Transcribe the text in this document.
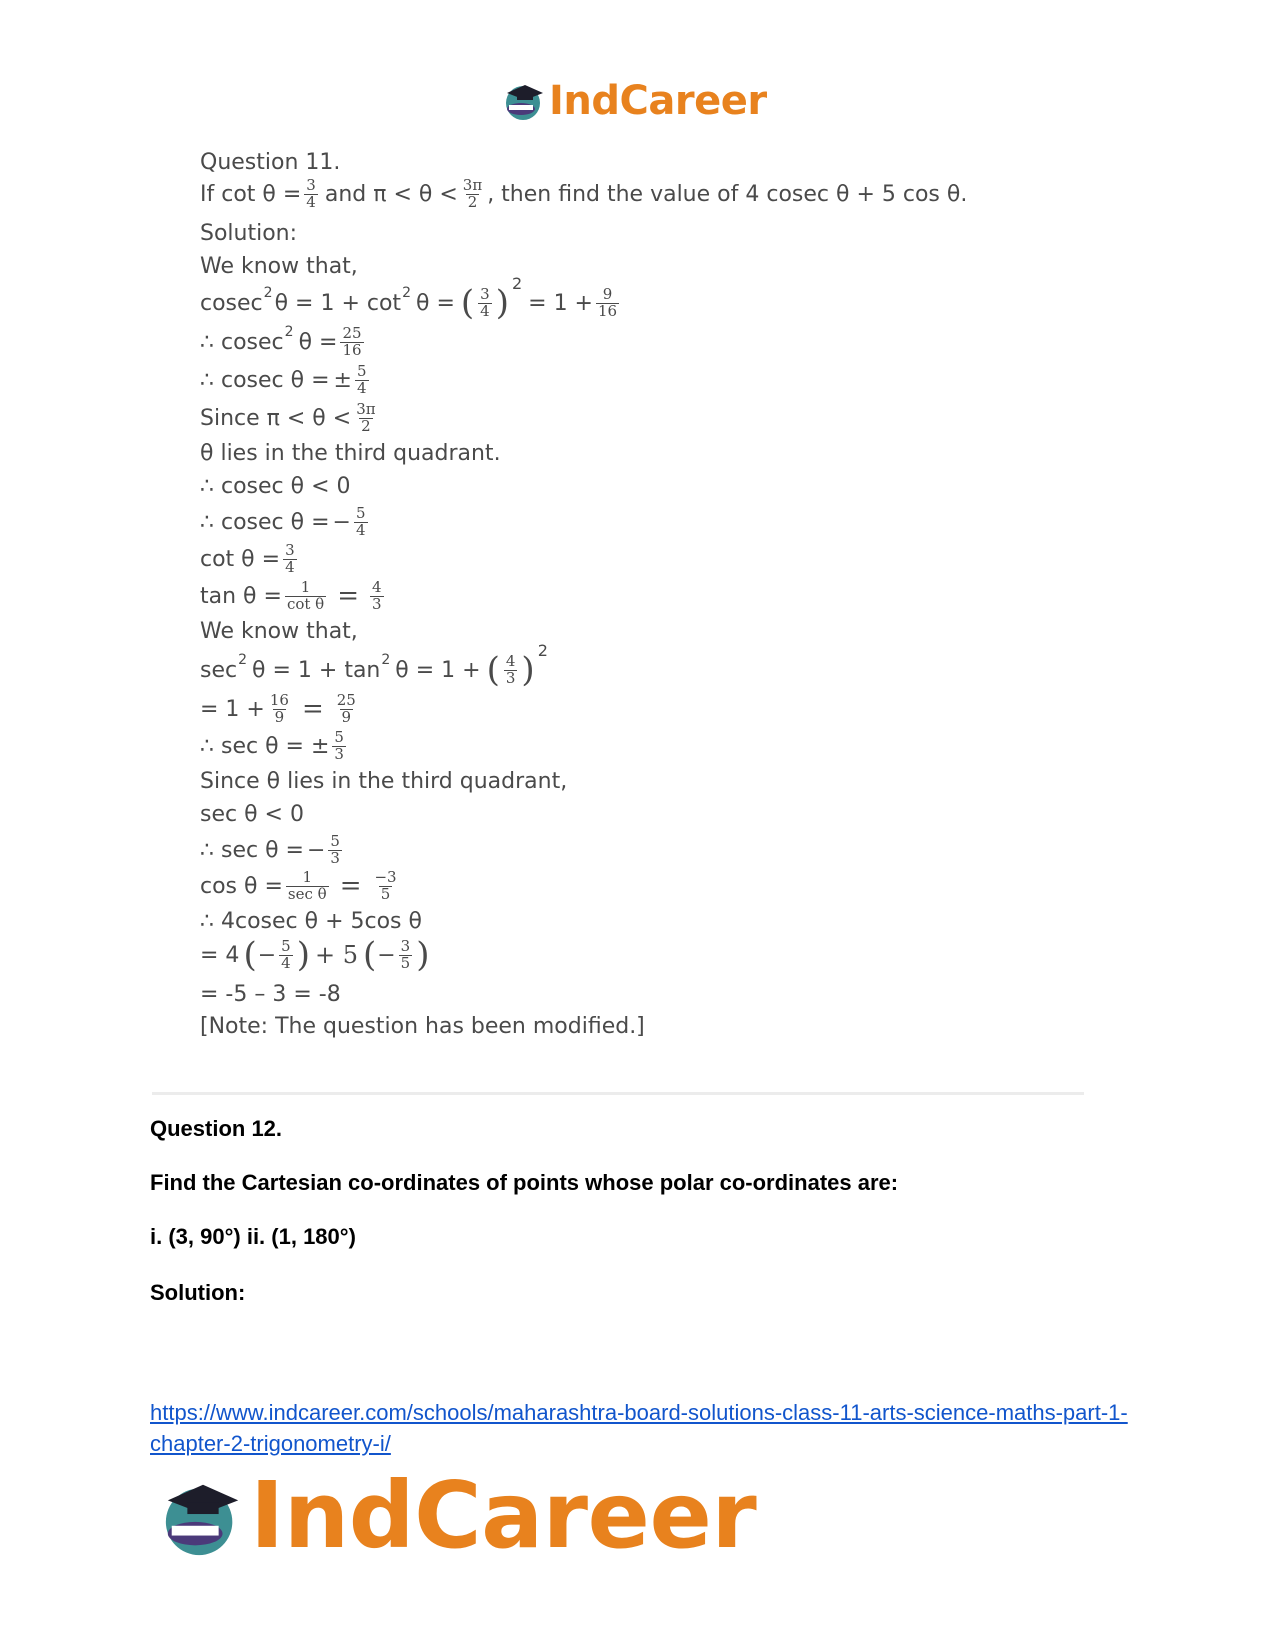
IndCareer
Question 11.
If $\cot \theta = \frac{3}{4}$ and $\pi < \theta < \frac{3\pi}{2}$ , then find the value of 4 cosec θ + 5 cos θ.
Solution:
We know that,
cosec 2 θ = 1 + cot 2 θ = ( $\frac{3}{4}$ ) 2
= $1 + \frac{9}{16}$
∴ cosec 2 $\theta = \frac{25}{16}$
∴ cosec θ = ± $\frac{5}{4}$
Since $\pi < \theta < \frac{3\pi}{2}$
θ lies in the third quadrant.
∴ cosec θ < 0
∴ cosec θ = − $\frac{5}{4}$
$\cot \theta = \frac{3}{4}$
$\tan \theta = \frac{1}{\text{cot θ}} = \frac{4}{3}$
We know that,
sec 2 θ = 1 + tan 2 θ = 1 + ( $\frac{4}{3}$ ) 2
= $1 + \frac{16}{9} = \frac{25}{9}$
∴ sec θ = ± $\frac{5}{3}$
Since θ lies in the third quadrant,
sec θ < 0
∴ sec θ = − $\frac{5}{3}$
$\cos \theta = \frac{1}{\text{sec θ}} = \frac{-3}{5}$
∴ 4cosec θ + 5cos θ
= 4 ( − $\frac{5}{4}$ ) + 5 ( − $\frac{3}{5}$ )
= -5 – 3 = -8
[Note: The question has been modified.]
Question 12.
Find the Cartesian co-ordinates of points whose polar co-ordinates are:
i. (3, 90°) ii. (1, 180°)
Solution:
https://www.indcareer.com/schools/maharashtra-board-solutions-class-11-arts-science-maths-part-1-chapter-2-trigonometry-i/
IndCareer
